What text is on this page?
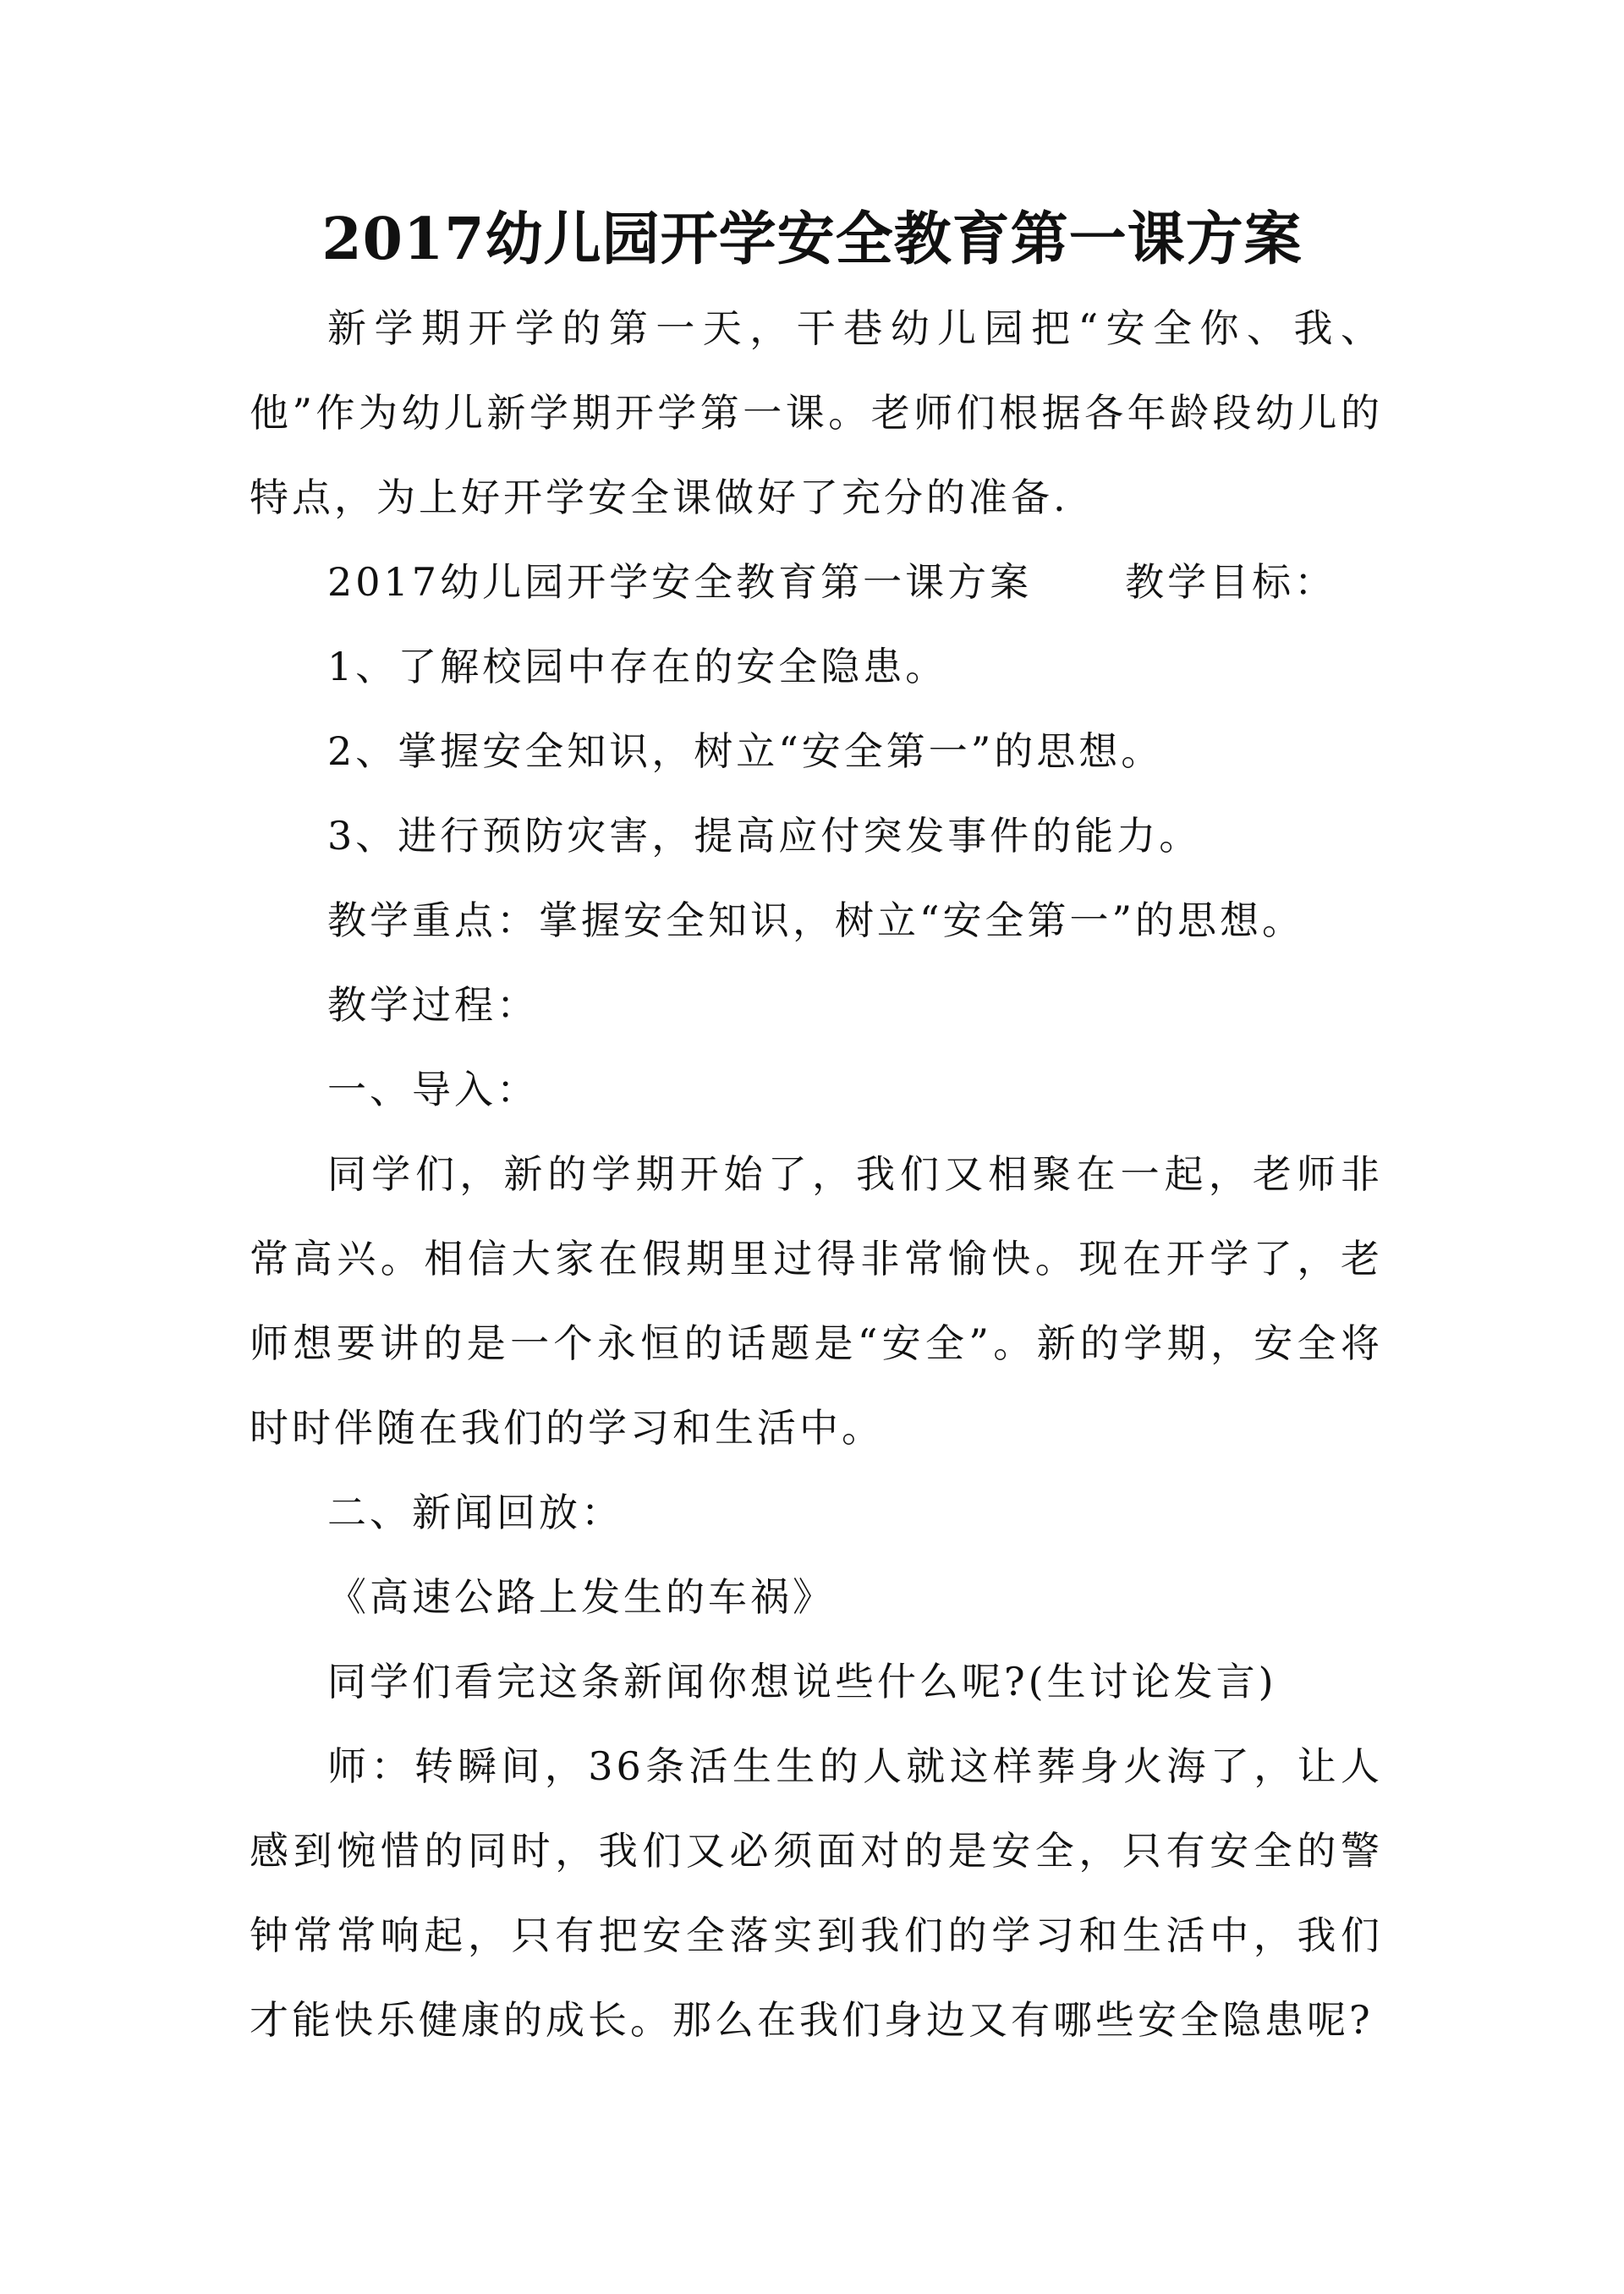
2017幼儿园开学安全教育第一课方案

新学期开学的第一天，干巷幼儿园把“安全你、我、他”作为幼儿新学期开学第一课。老师们根据各年龄段幼儿的特点，为上好开学安全课做好了充分的准备.

2017幼儿园开学安全教育第一课方案 教学目标：

1、了解校园中存在的安全隐患。

2、掌握安全知识，树立“安全第一”的思想。

3、进行预防灾害，提高应付突发事件的能力。

教学重点：掌握安全知识，树立“安全第一”的思想。

教学过程：

一、导入：

同学们，新的学期开始了，我们又相聚在一起，老师非常高兴。相信大家在假期里过得非常愉快。现在开学了，老师想要讲的是一个永恒的话题是“安全”。新的学期，安全将时时伴随在我们的学习和生活中。

二、新闻回放：

《高速公路上发生的车祸》

同学们看完这条新闻你想说些什么呢?(生讨论发言)

师：转瞬间，36条活生生的人就这样葬身火海了，让人感到惋惜的同时，我们又必须面对的是安全，只有安全的警钟常常响起，只有把安全落实到我们的学习和生活中，我们才能快乐健康的成长。那么在我们身边又有哪些安全隐患呢?
